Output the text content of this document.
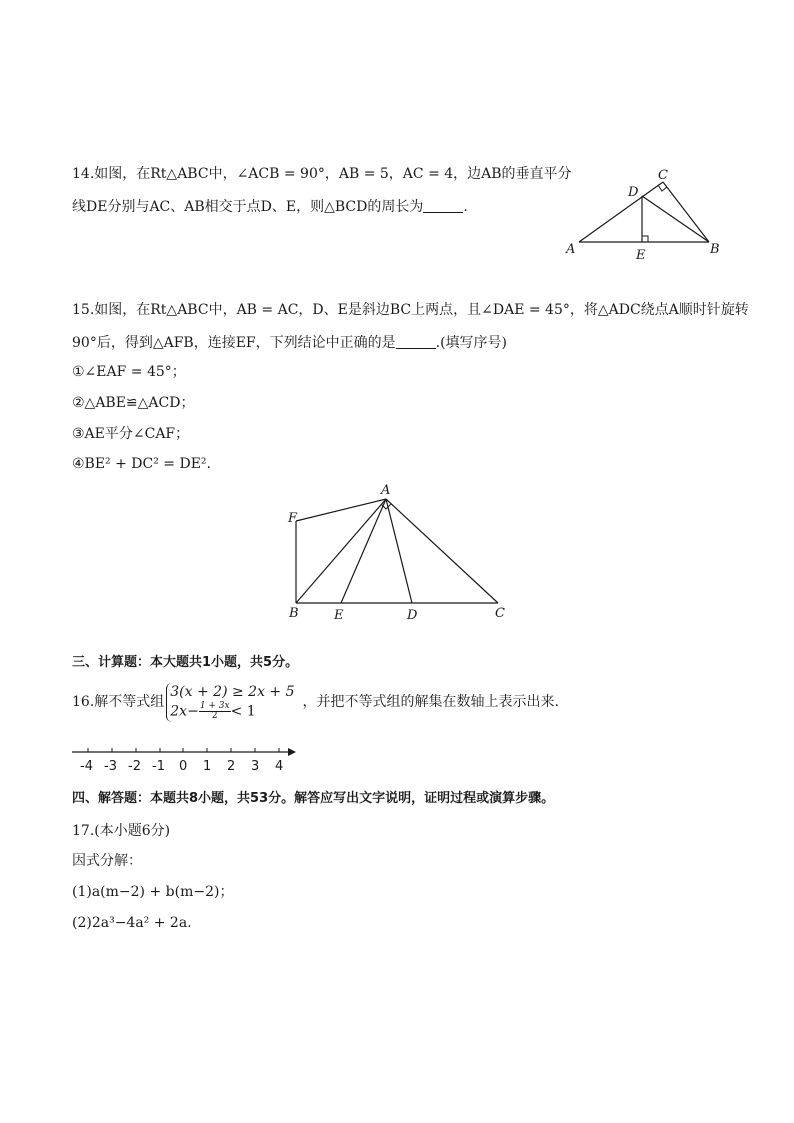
14.如图，在Rt△ABC中，∠ACB = 90°，AB = 5，AC = 4，边AB的垂直平分
线DE分别与AC、AB相交于点D、E，则△BCD的周长为	.
C
D
A	E	B
15.如图，在Rt△ABC中，AB = AC，D、E是斜边BC上两点，且∠DAE = 45°，将△ADC绕点A顺时针旋转
90°后，得到△AFB，连接EF，下列结论中正确的是	.(填写序号)
①∠EAF = 45°；
②△ABE≌△ACD；
③AE平分∠CAF；
④BE² + DC² = DE².
A
F
B	E	D	C
三、计算题：本大题共1小题，共5分。
16.解不等式组
3(x + 2) ≥ 2x + 5
$2x- \frac{1 + 3x}{2} < 1$
，并把不等式组的解集在数轴上表示出来.
-4 -3 -2 -1 0 1 2 3 4
四、解答题：本题共8小题，共53分。解答应写出文字说明，证明过程或演算步骤。
17.(本小题6分)
因式分解：
(1)a(m−2) + b(m−2)；
(2)2a³−4a² + 2a.
